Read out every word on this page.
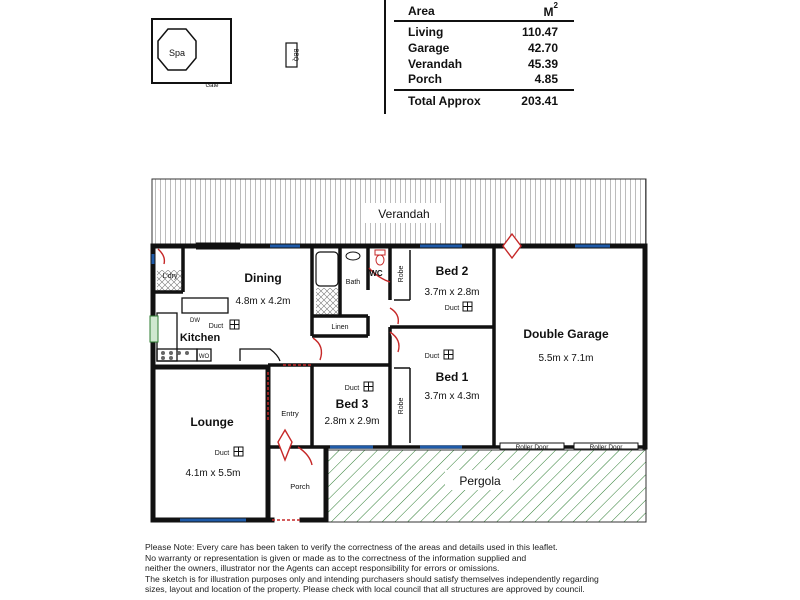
Area	$M^2$
Living	110.47
Garage	42.70
Verandah	45.39
Porch	4.85
Total Approx	203.41
Spa
Gate
BBQ
Verandah
Pergola
Roller Door	Roller Door
L'dry	Dining
4.8m x 4.2m
DW
Duct
Kitchen
WO
Bath
WC
Linen
Robe	Bed 2
3.7m x 2.8m
Duct
Double Garage
5.5m x 7.1m
Duct
Bed 1
3.7m x 4.3m
Robe
Duct
Bed 3
2.8m x 2.9m
Lounge
Duct
4.1m x 5.5m
Entry
Porch
Please Note: Every care has been taken to verify the correctness of the areas and details used in this leaflet.
No warranty or representation is given or made as to the correctness of the information supplied and
neither the owners, illustrator nor the Agents can accept responsibility for errors or omissions.
The sketch is for illustration purposes only and intending purchasers should satisfy themselves independently regarding
sizes, layout and location of the property. Please check with local council that all structures are approved by council.
